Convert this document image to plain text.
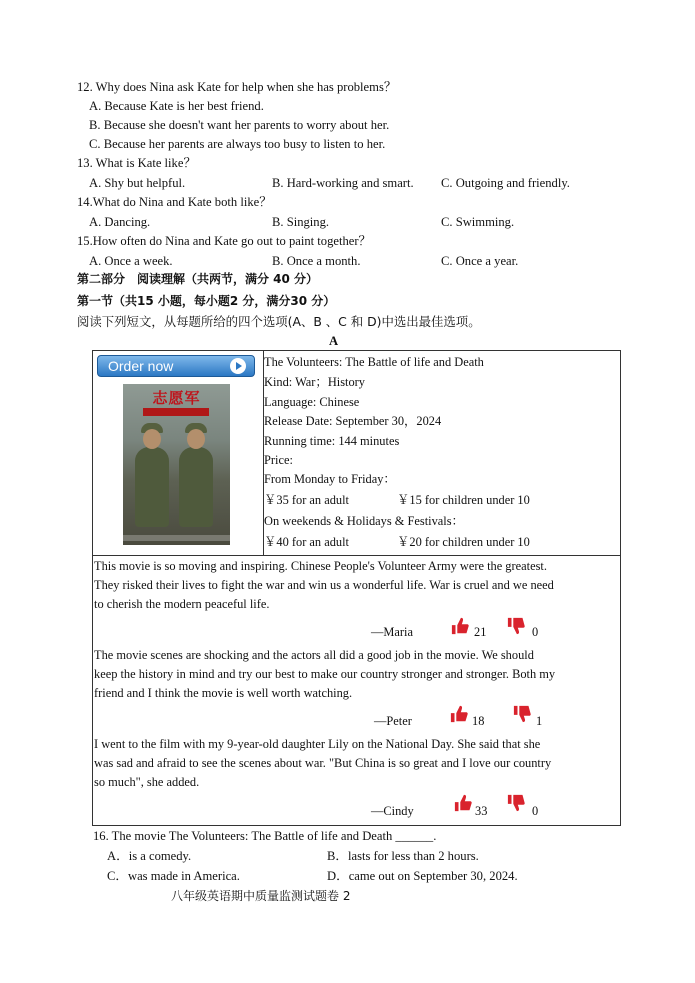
12. Why does Nina ask Kate for help when she has problems？
A. Because Kate is her best friend.
B. Because she doesn't want her parents to worry about her.
C. Because her parents are always too busy to listen to her.
13. What is Kate like？
A. Shy but helpful.	B. Hard-working and smart. C. Outgoing and friendly.
14.What do Nina and Kate both like？
A. Dancing.	B. Singing.	C. Swimming.
15.How often do Nina and Kate go out to paint together？
A. Once a week.	B. Once a month.	C. Once a year.
第二部分　阅读理解（共两节，满分 40 分）
第一节（共15 小题，每小题2 分，满分30 分）
阅读下列短文，从每题所给的四个选项(A、B 、C 和 D)中选出最佳选项。
A
Order now
志愿军
The Volunteers: The Battle of life and Death
Kind: War；History
Language: Chinese
Release Date: September 30，2024
Running time: 144 minutes
Price:
From Monday to Friday：
￥35 for an adult	￥15 for children under 10
On weekends & Holidays & Festivals：
￥40 for an adult	￥20 for children under 10
This movie is so moving and inspiring. Chinese People's Volunteer Army were the greatest.
They risked their lives to fight the war and win us a wonderful life. War is cruel and we need
to cherish the modern peaceful life.
—Maria	21	0
The movie scenes are shocking and the actors all did a good job in the movie. We should
keep the history in mind and try our best to make our country stronger and stronger. Both my
friend and I think the movie is well worth watching.
—Peter	18	1
I went to the film with my 9-year-old daughter Lily on the National Day. She said that she
was sad and afraid to see the scenes about war. "But China is so great and I love our country
so much", she added.
—Cindy	33	0
16. The movie The Volunteers: The Battle of life and Death ______.
A．is a comedy.	B．lasts for less than 2 hours.
C．was made in America.	D．came out on September 30, 2024.
八年级英语期中质量监测试题卷 2
